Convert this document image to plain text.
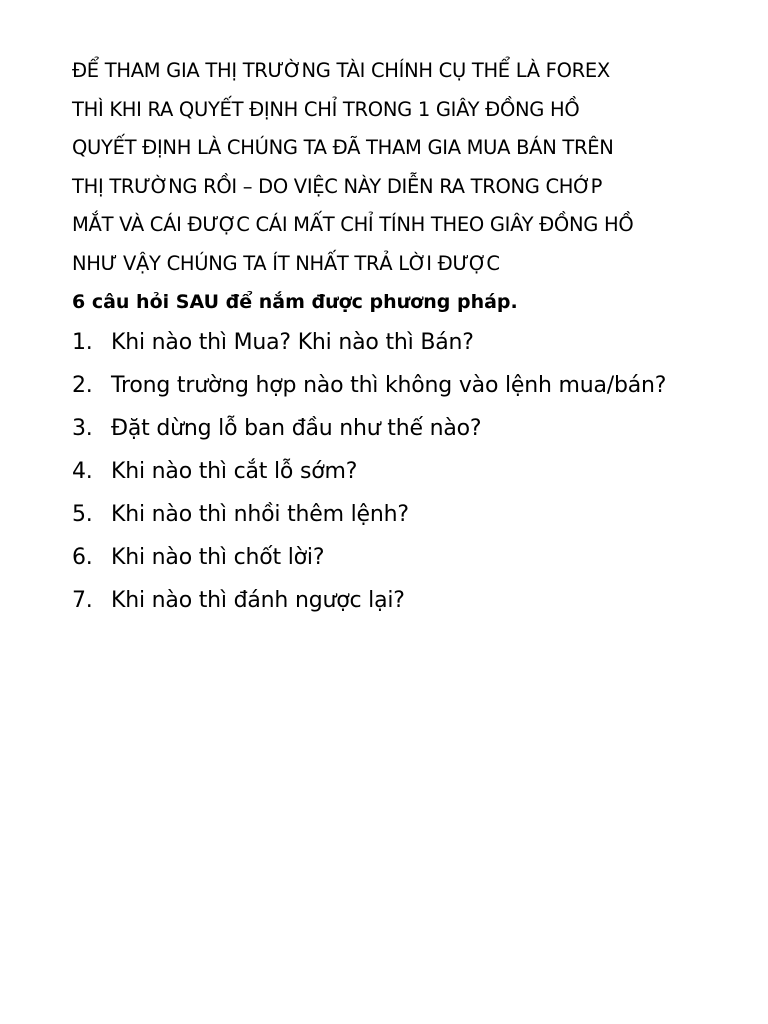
ĐỂ THAM GIA THỊ TRƯỜNG TÀI CHÍNH CỤ THỂ LÀ FOREX
THÌ KHI RA QUYẾT ĐỊNH CHỈ TRONG 1 GIÂY ĐỒNG HỒ
QUYẾT ĐỊNH LÀ CHÚNG TA ĐÃ THAM GIA MUA BÁN TRÊN
THỊ TRƯỜNG RỒI – DO VIỆC NÀY DIỄN RA TRONG CHỚP
MẮT VÀ CÁI ĐƯỢC CÁI MẤT CHỈ TÍNH THEO GIÂY ĐỒNG HỒ
NHƯ VẬY CHÚNG TA ÍT NHẤT TRẢ LỜI ĐƯỢC
6 câu hỏi SAU để nắm được phương pháp.
1. Khi nào thì Mua? Khi nào thì Bán?
2. Trong trường hợp nào thì không vào lệnh mua/bán?
3. Đặt dừng lỗ ban đầu như thế nào?
4. Khi nào thì cắt lỗ sớm?
5. Khi nào thì nhồi thêm lệnh?
6. Khi nào thì chốt lời?
7. Khi nào thì đánh ngược lại?
